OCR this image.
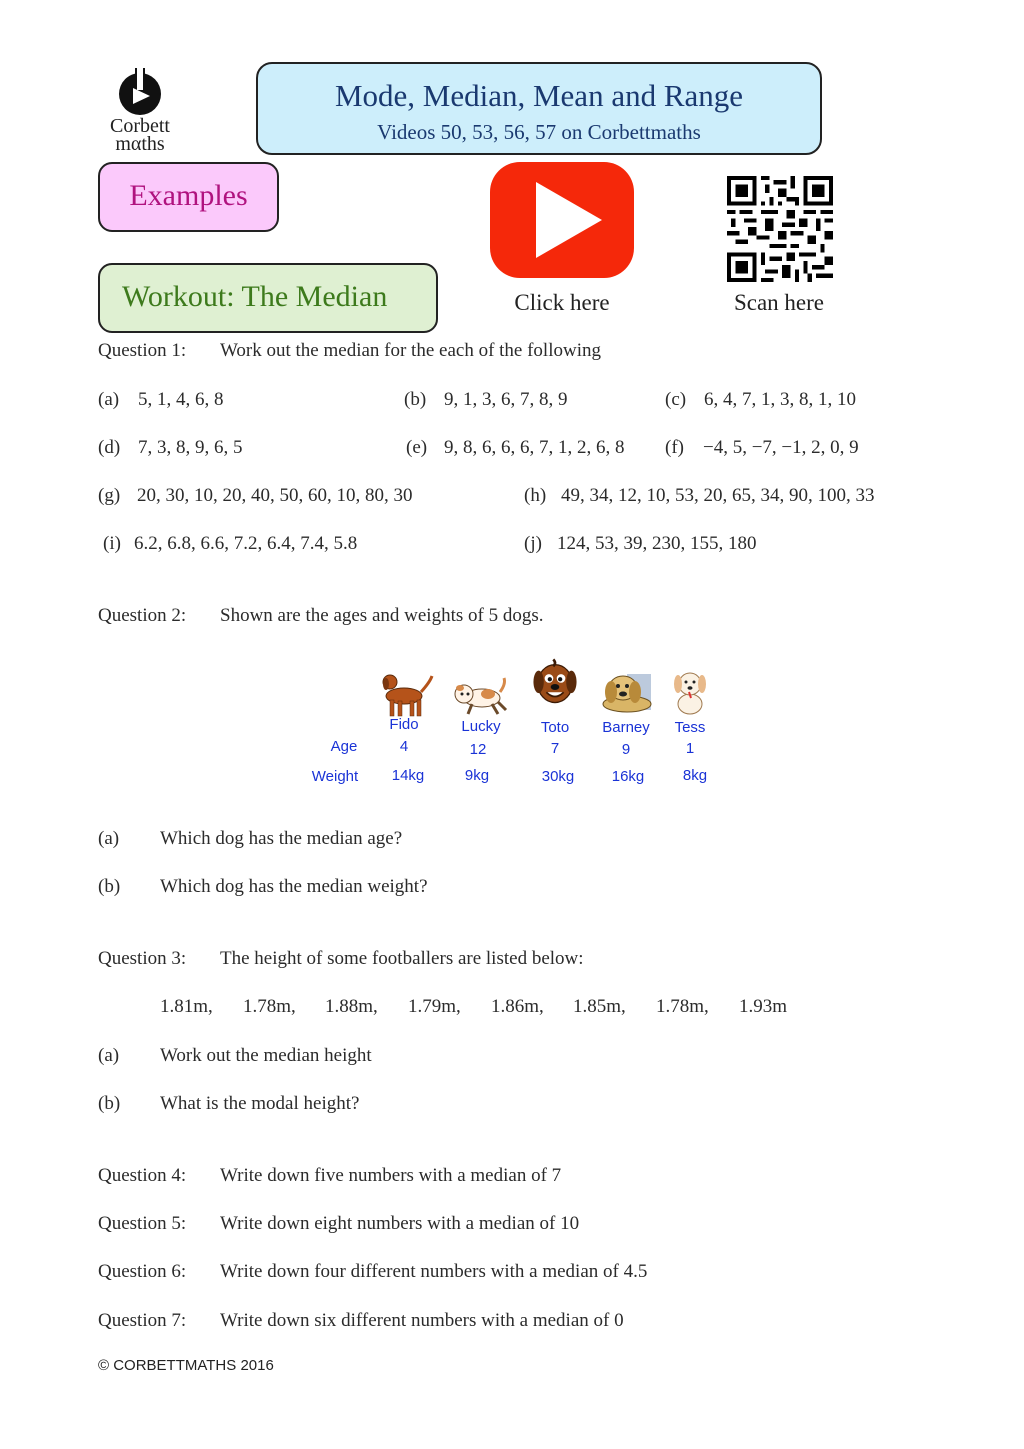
Corbett
mαths
Mode, Median, Mean and Range
Videos 50, 53, 56, 57 on Corbettmaths
Examples
Workout: The Median	Click here	Scan here
Question 1: Work out the median for the each of the following
(a) 5, 1, 4, 6, 8	(b) 9, 1, 3, 6, 7, 8, 9	(c) 6, 4, 7, 1, 3, 8, 1, 10
(d) 7, 3, 8, 9, 6, 5	(e) 9, 8, 6, 6, 6, 7, 1, 2, 6, 8 (f) −4, 5, −7, −1, 2, 0, 9
(g) 20, 30, 10, 20, 40, 50, 60, 10, 80, 30	(h) 49, 34, 12, 10, 53, 20, 65, 34, 90, 100, 33
(i) 6.2, 6.8, 6.6, 7.2, 6.4, 7.4, 5.8	(j) 124, 53, 39, 230, 155, 180
Question 2: Shown are the ages and weights of 5 dogs.
Fido	Lucky	Toto	Barney	Tess
Age	4	12	7	9	1
Weight	14kg	9kg	30kg	16kg	8kg
(a) Which dog has the median age?
(b) Which dog has the median weight?
Question 3: The height of some footballers are listed below:
1.81m, 1.78m, 1.88m, 1.79m, 1.86m, 1.85m, 1.78m, 1.93m
(a) Work out the median height
(b) What is the modal height?
Question 4: Write down five numbers with a median of 7
Question 5: Write down eight numbers with a median of 10
Question 6: Write down four different numbers with a median of 4.5
Question 7: Write down six different numbers with a median of 0
© CORBETTMATHS 2016
